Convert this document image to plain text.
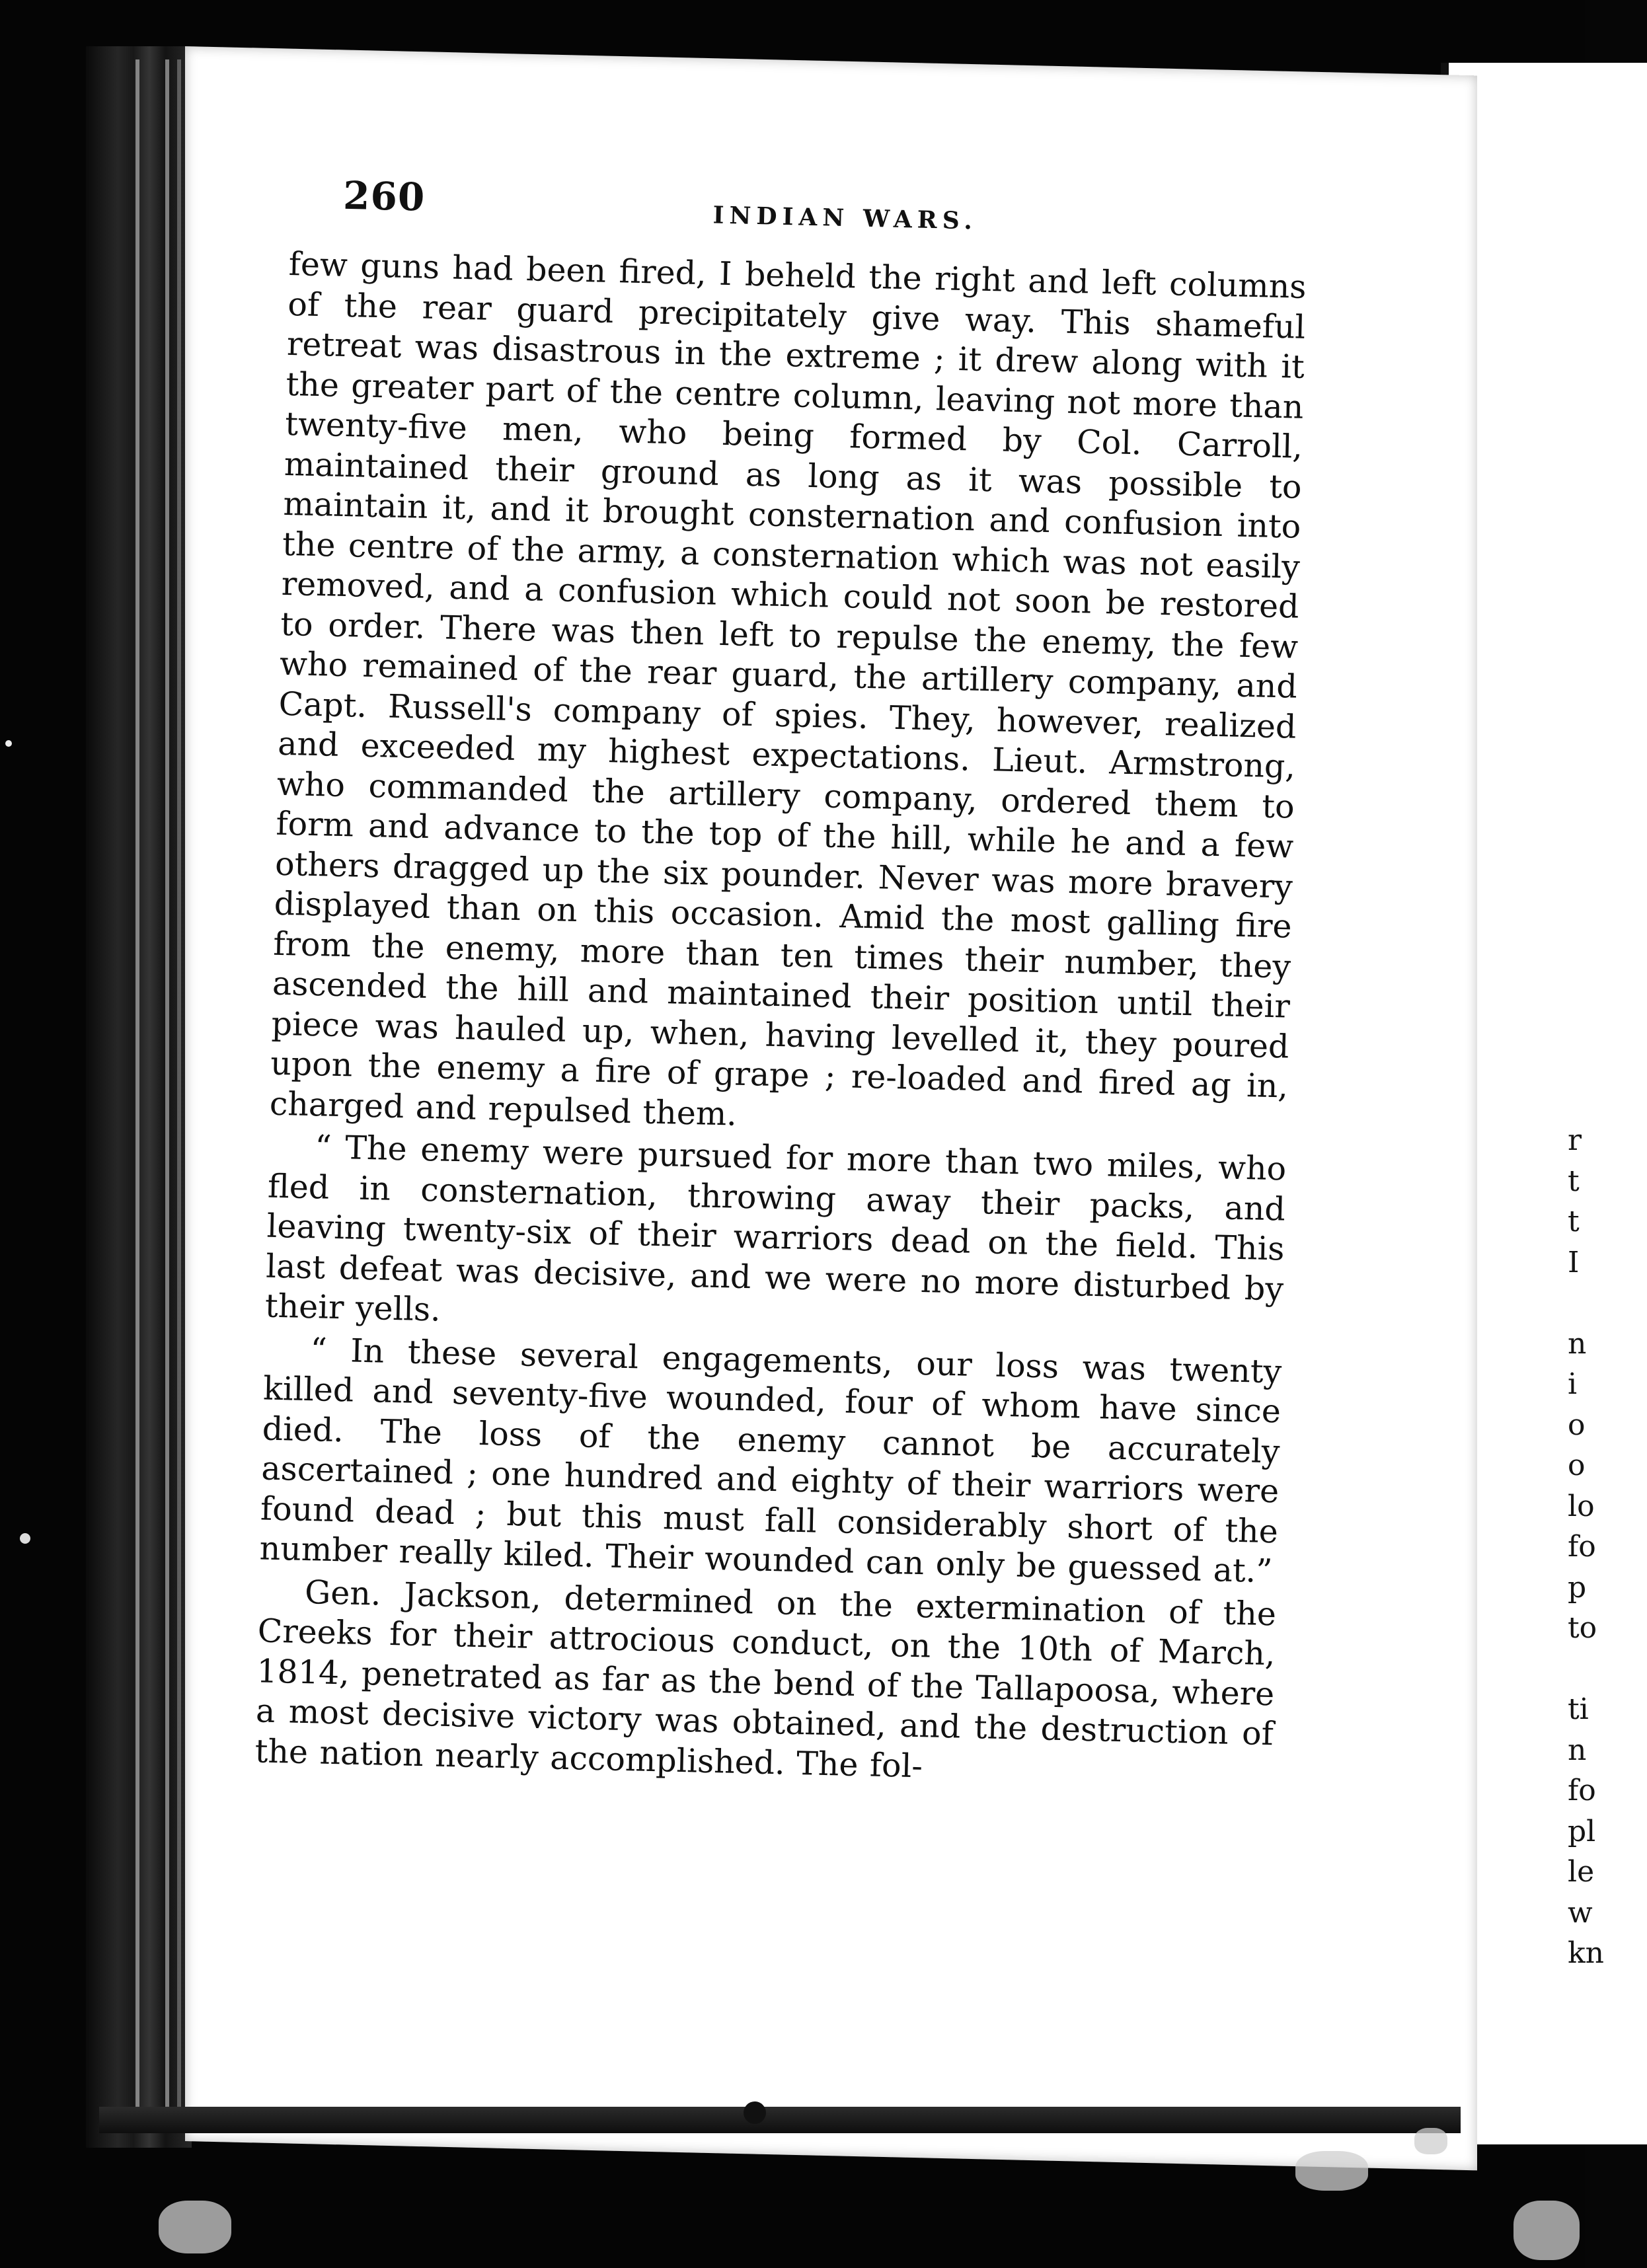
r
t
t
I
n
i
o
o
lo
fo
p
to
ti
n
fo
pl
le
w
kn
260	INDIAN WARS.

few guns had been fired, I beheld the right and left columns of the rear guard precipitately give way. This shameful retreat was disastrous in the extreme ; it drew along with it the greater part of the centre column, leaving not more than twenty-five men, who being formed by Col. Carroll, maintained their ground as long as it was possible to maintain it, and it brought consternation and confusion into the centre of the army, a consternation which was not easily removed, and a confusion which could not soon be restored to order. There was then left to repulse the enemy, the few who remained of the rear guard, the artillery company, and Capt. Russell's company of spies. They, however, realized and exceeded my highest expectations. Lieut. Armstrong, who commanded the artillery company, ordered them to form and advance to the top of the hill, while he and a few others dragged up the six pounder. Never was more bravery displayed than on this occasion. Amid the most galling fire from the enemy, more than ten times their number, they ascended the hill and maintained their position until their piece was hauled up, when, having levelled it, they poured upon the enemy a fire of grape ; re-loaded and fired ag in, charged and repulsed them.

“ The enemy were pursued for more than two miles, who fled in consternation, throwing away their packs, and leaving twenty-six of their warriors dead on the field. This last defeat was decisive, and we were no more disturbed by their yells.

“ In these several engagements, our loss was twenty killed and seventy-five wounded, four of whom have since died. The loss of the enemy cannot be accurately ascertained ; one hundred and eighty of their warriors were found dead ; but this must fall considerably short of the number really kiled. Their wounded can only be guessed at.”

Gen. Jackson, determined on the extermination of the Creeks for their attrocious conduct, on the 10th of March, 1814, penetrated as far as the bend of the Tallapoosa, where a most decisive victory was obtained, and the destruction of the nation nearly accomplished. The fol-
